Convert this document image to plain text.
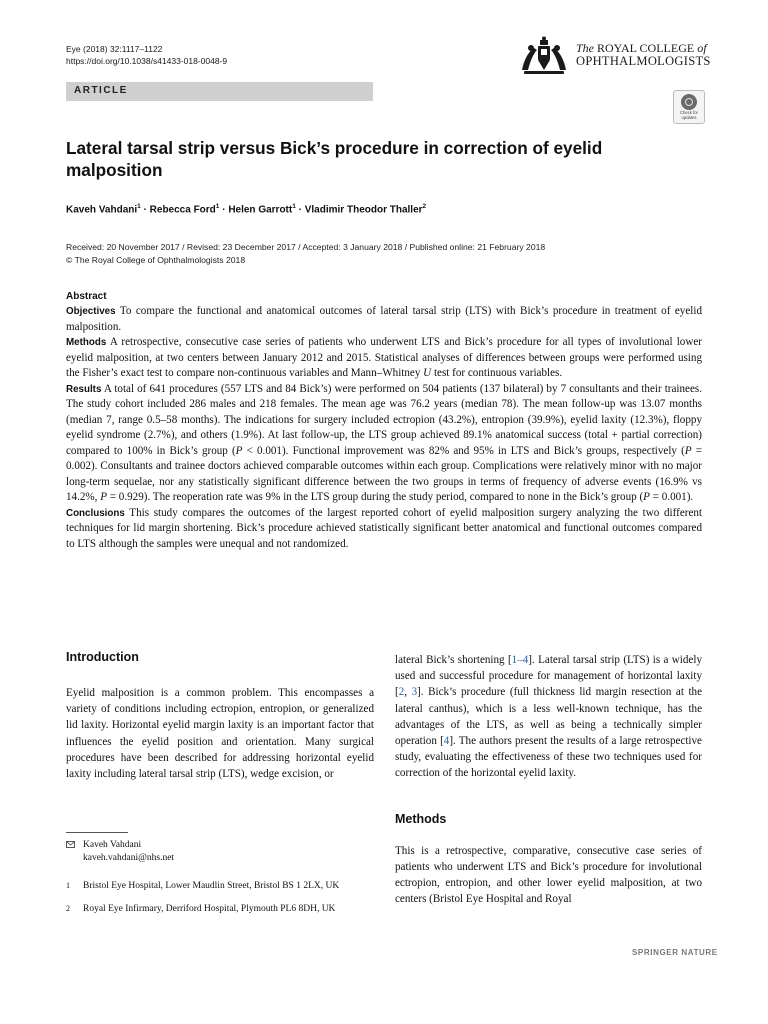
Eye (2018) 32:1117–1122
https://doi.org/10.1038/s41433-018-0048-9
The ROYAL COLLEGE of
OPHTHALMOLOGISTS
ARTICLE
Check for updates
Lateral tarsal strip versus Bick’s procedure in correction of eyelid malposition
Kaveh Vahdani$^1$ · Rebecca Ford$^1$ · Helen Garrott$^1$ · Vladimir Theodor Thaller$^2$
Received: 20 November 2017 / Revised: 23 December 2017 / Accepted: 3 January 2018 / Published online: 21 February 2018
© The Royal College of Ophthalmologists 2018
Abstract
Objectives To compare the functional and anatomical outcomes of lateral tarsal strip (LTS) with Bick’s procedure in treatment of eyelid malposition.
Methods A retrospective, consecutive case series of patients who underwent LTS and Bick’s procedure for all types of involutional lower eyelid malposition, at two centers between January 2012 and 2015. Statistical analyses of differences between groups were performed using the Fisher’s exact test to compare non-continuous variables and Mann–Whitney U test for continuous variables.
Results A total of 641 procedures (557 LTS and 84 Bick’s) were performed on 504 patients (137 bilateral) by 7 consultants and their trainees. The study cohort included 286 males and 218 females. The mean age was 76.2 years (median 78). The mean follow-up was 13.07 months (median 7, range 0.5–58 months). The indications for surgery included ectropion (43.2%), entropion (39.9%), eyelid laxity (12.3%), floppy eyelid syndrome (2.7%), and others (1.9%). At last follow-up, the LTS group achieved 89.1% anatomical success (total + partial correction) compared to 100% in Bick’s group (P < 0.001). Functional improvement was 82% and 95% in LTS and Bick’s groups, respectively (P = 0.002). Consultants and trainee doctors achieved comparable outcomes within each group. Complications were relatively minor with no major long-term sequelae, nor any statistically significant difference between the two groups in terms of frequency of adverse events (16.9% vs 14.2%, P = 0.929). The reoperation rate was 9% in the LTS group during the study period, compared to none in the Bick’s group (P = 0.001).
Conclusions This study compares the outcomes of the largest reported cohort of eyelid malposition surgery analyzing the two different techniques for lid margin shortening. Bick’s procedure achieved statistically significant better anatomical and functional outcomes compared to LTS although the samples were unequal and not randomized.
Introduction

Eyelid malposition is a common problem. This encompasses a variety of conditions including ectropion, entropion, or generalized lid laxity. Horizontal eyelid margin laxity is an important factor that influences the eyelid position and orientation. Many surgical procedures have been described for addressing horizontal eyelid laxity including lateral tarsal strip (LTS), wedge excision, or

lateral Bick’s shortening [1–4]. Lateral tarsal strip (LTS) is a widely used and successful procedure for management of horizontal laxity [2, 3]. Bick’s procedure (full thickness lid margin resection at the lateral canthus), which is a less well-known technique, has the advantages of the LTS, as well as being a technically simpler operation [4]. The authors present the results of a large retrospective study, evaluating the effectiveness of these two techniques used for correction of the horizontal eyelid laxity.

Methods

This is a retrospective, comparative, consecutive case series of patients who underwent LTS and Bick’s procedure for involutional ectropion, entropion, and other lower eyelid malposition, at two centers (Bristol Eye Hospital and Royal

Kaveh Vahdani
kaveh.vahdani@nhs.net
1 Bristol Eye Hospital, Lower Maudlin Street, Bristol BS 1 2LX, UK
2 Royal Eye Infirmary, Derriford Hospital, Plymouth PL6 8DH, UK
SPRINGER NATURE
